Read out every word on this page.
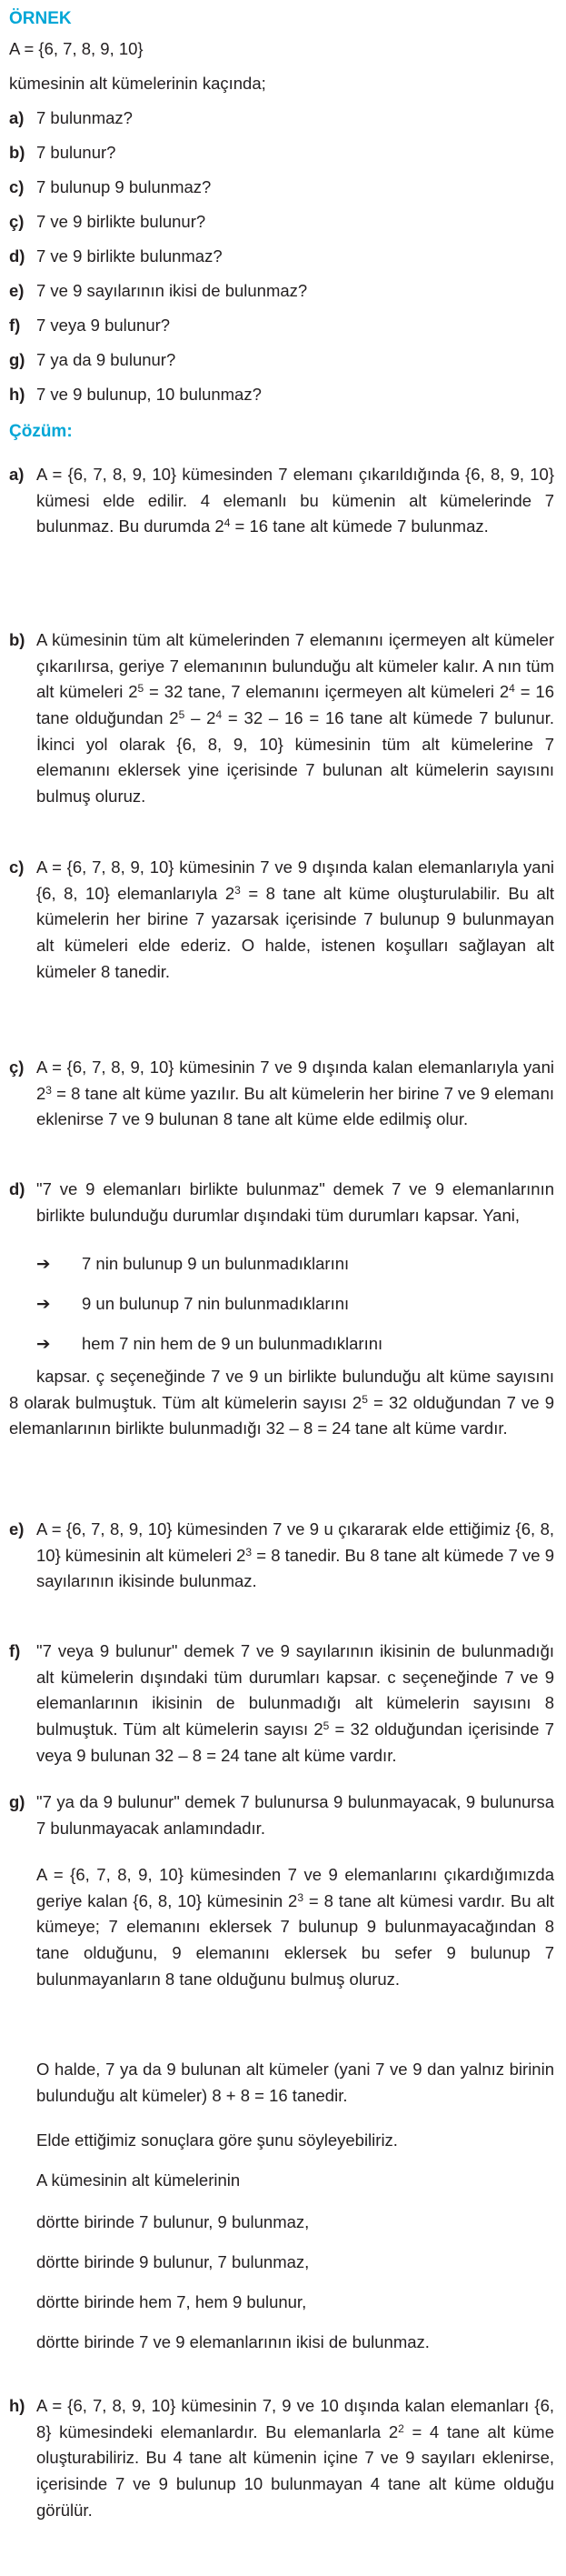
ÖRNEK
A = {6, 7, 8, 9, 10}
kümesinin alt kümelerinin kaçında;
a) 7 bulunmaz?
b) 7 bulunur?
c) 7 bulunup 9 bulunmaz?
ç) 7 ve 9 birlikte bulunur?
d) 7 ve 9 birlikte bulunmaz?
e) 7 ve 9 sayılarının ikisi de bulunmaz?
f) 7 veya 9 bulunur?
g) 7 ya da 9 bulunur?
h) 7 ve 9 bulunup, 10 bulunmaz?
Çözüm:
a) A = {6, 7, 8, 9, 10} kümesinden 7 elemanı çıkarıldığında {6, 8, 9, 10} kümesi elde edilir. 4 elemanlı bu kümenin alt kümelerinde 7 bulunmaz. Bu durumda $2^4 = 16$ tane alt kümede 7 bulunmaz.
b) A kümesinin tüm alt kümelerinden 7 elemanını içermeyen alt kümeler çıkarılırsa, geriye 7 elemanının bulunduğu alt kümeler kalır. A nın tüm alt kümeleri $2^5 = 32$ tane, 7 elemanını içermeyen alt kümeleri $2^4 = 16$ tane olduğundan $2^5 - 2^4 = 32 - 16 = 16$ tane alt kümede 7 bulunur. İkinci yol olarak {6, 8, 9, 10} kümesinin tüm alt kümelerine 7 elemanını eklersek yine içerisinde 7 bulunan alt kümelerin sayısını bulmuş oluruz.
c) A = {6, 7, 8, 9, 10} kümesinin 7 ve 9 dışında kalan elemanlarıyla yani {6, 8, 10} elemanlarıyla $2^3 = 8$ tane alt küme oluşturulabilir. Bu alt kümelerin her birine 7 yazarsak içerisinde 7 bulunup 9 bulunmayan alt kümeleri elde ederiz. O halde, istenen koşulları sağlayan alt kümeler 8 tanedir.
ç) A = {6, 7, 8, 9, 10} kümesinin 7 ve 9 dışında kalan elemanlarıyla yani $2^3 = 8$ tane alt küme yazılır. Bu alt kümelerin her birine 7 ve 9 elemanı eklenirse 7 ve 9 bulunan 8 tane alt küme elde edilmiş olur.
d) "7 ve 9 elemanları birlikte bulunmaz" demek 7 ve 9 elemanlarının birlikte bulunduğu durumlar dışındaki tüm durumları kapsar. Yani,
➔ 7 nin bulunup 9 un bulunmadıklarını
➔ 9 un bulunup 7 nin bulunmadıklarını
➔ hem 7 nin hem de 9 un bulunmadıklarını
kapsar. ç seçeneğinde 7 ve 9 un birlikte bulunduğu alt küme sayısını 8 olarak bulmuştuk. Tüm alt kümelerin sayısı $2^5 = 32$ olduğundan 7 ve 9 elemanlarının birlikte bulunmadığı 32 – 8 = 24 tane alt küme vardır.
e) A = {6, 7, 8, 9, 10} kümesinden 7 ve 9 u çıkararak elde ettiğimiz {6, 8, 10} kümesinin alt kümeleri $2^3 = 8$ tanedir. Bu 8 tane alt kümede 7 ve 9 sayılarının ikisinde bulunmaz.
f) "7 veya 9 bulunur" demek 7 ve 9 sayılarının ikisinin de bulunmadığı alt kümelerin dışındaki tüm durumları kapsar. c seçeneğinde 7 ve 9 elemanlarının ikisinin de bulunmadığı alt kümelerin sayısını 8 bulmuştuk. Tüm alt kümelerin sayısı $2^5 = 32$ olduğundan içerisinde 7 veya 9 bulunan 32 – 8 = 24 tane alt küme vardır.
g) "7 ya da 9 bulunur" demek 7 bulunursa 9 bulunmayacak, 9 bulunursa 7 bulunmayacak anlamındadır.
A = {6, 7, 8, 9, 10} kümesinden 7 ve 9 elemanlarını çıkardığımızda geriye kalan {6, 8, 10} kümesinin $2^3 = 8$ tane alt kümesi vardır. Bu alt kümeye; 7 elemanını eklersek 7 bulunup 9 bulunmayacağından 8 tane olduğunu, 9 elemanını eklersek bu sefer 9 bulunup 7 bulunmayanların 8 tane olduğunu bulmuş oluruz.
O halde, 7 ya da 9 bulunan alt kümeler (yani 7 ve 9 dan yalnız birinin bulunduğu alt kümeler) 8 + 8 = 16 tanedir.
Elde ettiğimiz sonuçlara göre şunu söyleyebiliriz.
A kümesinin alt kümelerinin
dörtte birinde 7 bulunur, 9 bulunmaz,
dörtte birinde 9 bulunur, 7 bulunmaz,
dörtte birinde hem 7, hem 9 bulunur,
dörtte birinde 7 ve 9 elemanlarının ikisi de bulunmaz.
h) A = {6, 7, 8, 9, 10} kümesinin 7, 9 ve 10 dışında kalan elemanları {6, 8} kümesindeki elemanlardır. Bu elemanlarla $2^2 = 4$ tane alt küme oluşturabiliriz. Bu 4 tane alt kümenin içine 7 ve 9 sayıları eklenirse, içerisinde 7 ve 9 bulunup 10 bulunmayan 4 tane alt küme olduğu görülür.
